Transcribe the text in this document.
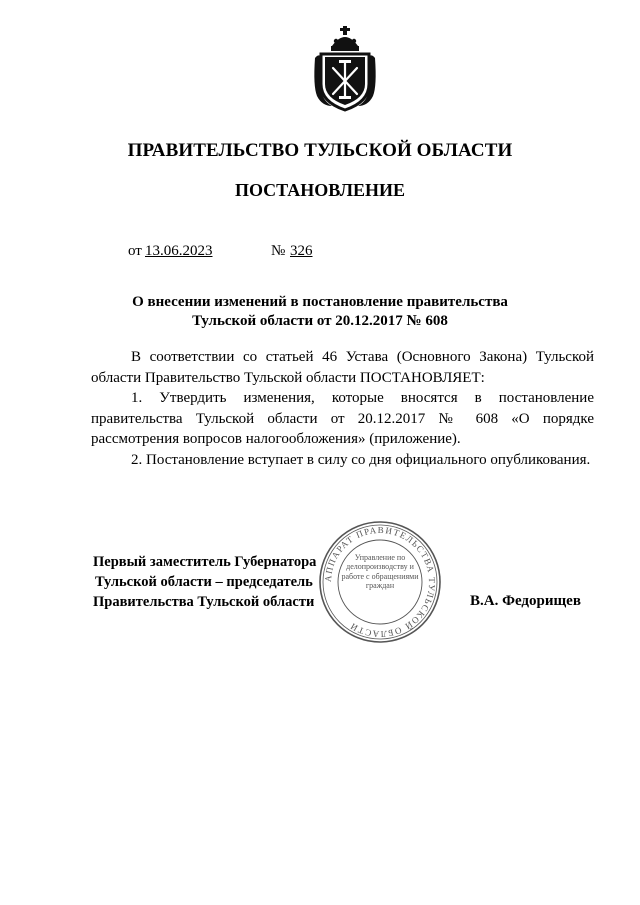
ПРАВИТЕЛЬСТВО ТУЛЬСКОЙ ОБЛАСТИ
ПОСТАНОВЛЕНИЕ
от 13.06.2023	№ 326
О внесении изменений в постановление правительства
Тульской области от 20.12.2017 № 608

В соответствии со статьей 46 Устава (Основного Закона) Тульской области Правительство Тульской области ПОСТАНОВЛЯЕТ:

1. Утвердить изменения, которые вносятся в постановление правительства Тульской области от 20.12.2017 № 608 «О порядке рассмотрения вопросов налогообложения» (приложение).

2. Постановление вступает в силу со дня официального опубликования.

Первый заместитель Губернатора
Тульской области – председатель
Правительства Тульской области
АППАРАТ ПРАВИТЕЛЬСТВА ТУЛЬСКОЙ ОБЛАСТИ
Управление по делопроизводству и работе с обращениями граждан
В.А. Федорищев
